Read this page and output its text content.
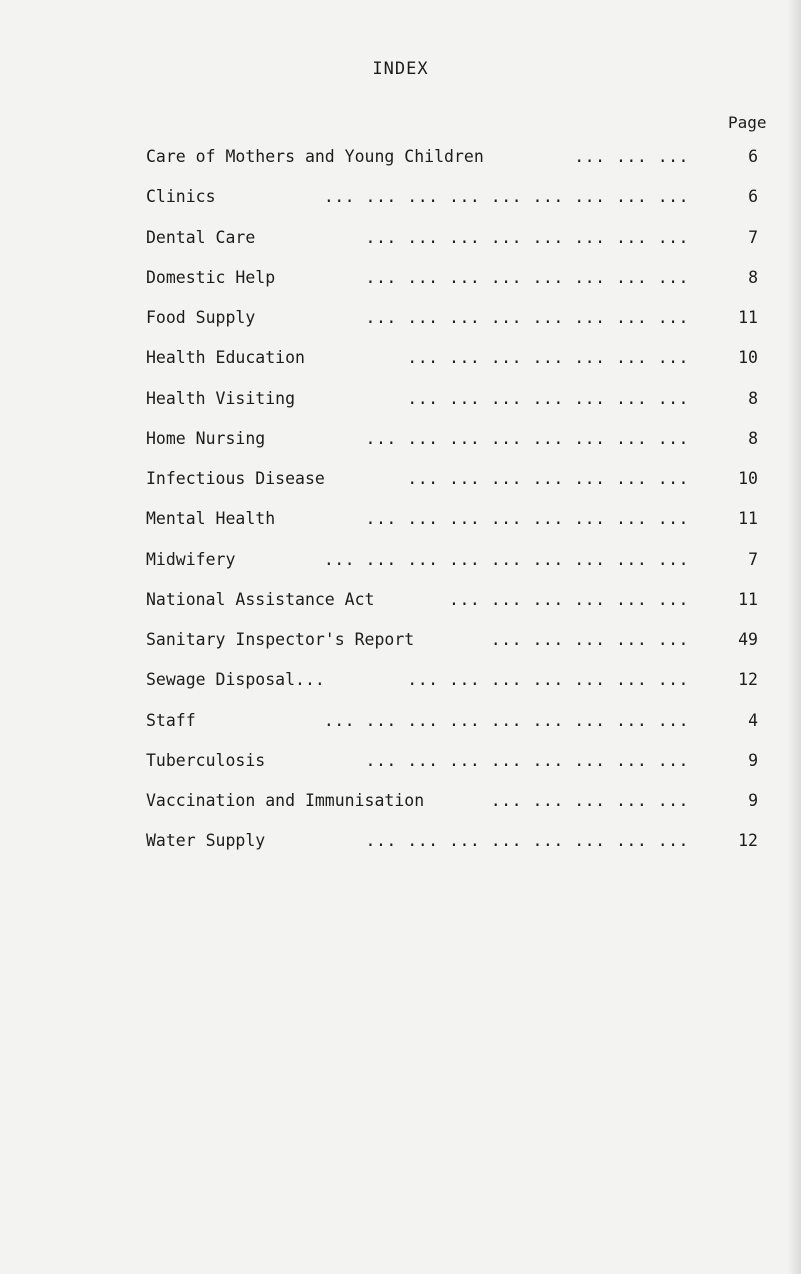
INDEX
Page
Care of Mothers and Young Children	... ... ...	6
Clinics	... ... ... ... ... ... ... ... ...	6
Dental Care	... ... ... ... ... ... ... ...	7
Domestic Help	... ... ... ... ... ... ... ...	8
Food Supply	... ... ... ... ... ... ... ...	11
Health Education	... ... ... ... ... ... ...	10
Health Visiting	... ... ... ... ... ... ...	8
Home Nursing	... ... ... ... ... ... ... ...	8
Infectious Disease	... ... ... ... ... ... ...	10
Mental Health	... ... ... ... ... ... ... ...	11
Midwifery	... ... ... ... ... ... ... ... ...	7
National Assistance Act	... ... ... ... ... ...	11
Sanitary Inspector's Report	... ... ... ... ...	49
Sewage Disposal...	... ... ... ... ... ... ...	12
Staff	... ... ... ... ... ... ... ... ...	4
Tuberculosis	... ... ... ... ... ... ... ...	9
Vaccination and Immunisation	... ... ... ... ...	9
Water Supply	... ... ... ... ... ... ... ...	12
